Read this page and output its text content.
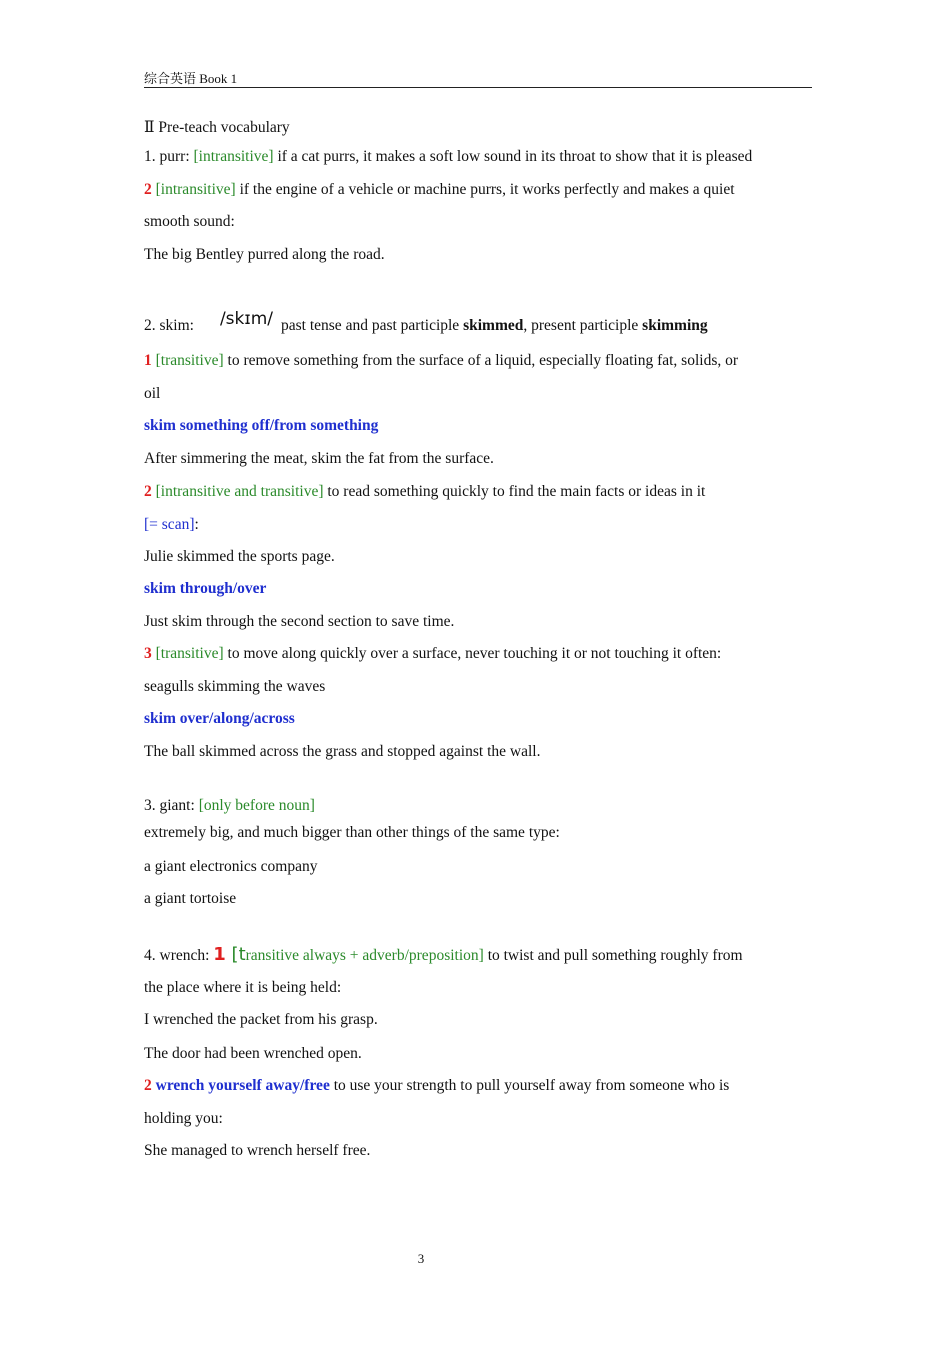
综合英语 Book 1
Ⅱ Pre-teach vocabulary
1. purr: [intransitive] if a cat purrs, it makes a soft low sound in its throat to show that it is pleased
2 [intransitive] if the engine of a vehicle or machine purrs, it works perfectly and makes a quiet
smooth sound:
The big Bentley purred along the road.
2. skim: /skɪm/ past tense and past participle skimmed, present participle skimming
1 [transitive] to remove something from the surface of a liquid, especially floating fat, solids, or
oil
skim something off/from something
After simmering the meat, skim the fat from the surface.
2 [intransitive and transitive] to read something quickly to find the main facts or ideas in it
[= scan]:
Julie skimmed the sports page.
skim through/over
Just skim through the second section to save time.
3 [transitive] to move along quickly over a surface, never touching it or not touching it often:
seagulls skimming the waves
skim over/along/across
The ball skimmed across the grass and stopped against the wall.
3. giant: [only before noun]
extremely big, and much bigger than other things of the same type:
a giant electronics company
a giant tortoise
4. wrench: 1 [transitive always + adverb/preposition] to twist and pull something roughly from
the place where it is being held:
I wrenched the packet from his grasp.
The door had been wrenched open.
2 wrench yourself away/free to use your strength to pull yourself away from someone who is
holding you:
She managed to wrench herself free.
3
